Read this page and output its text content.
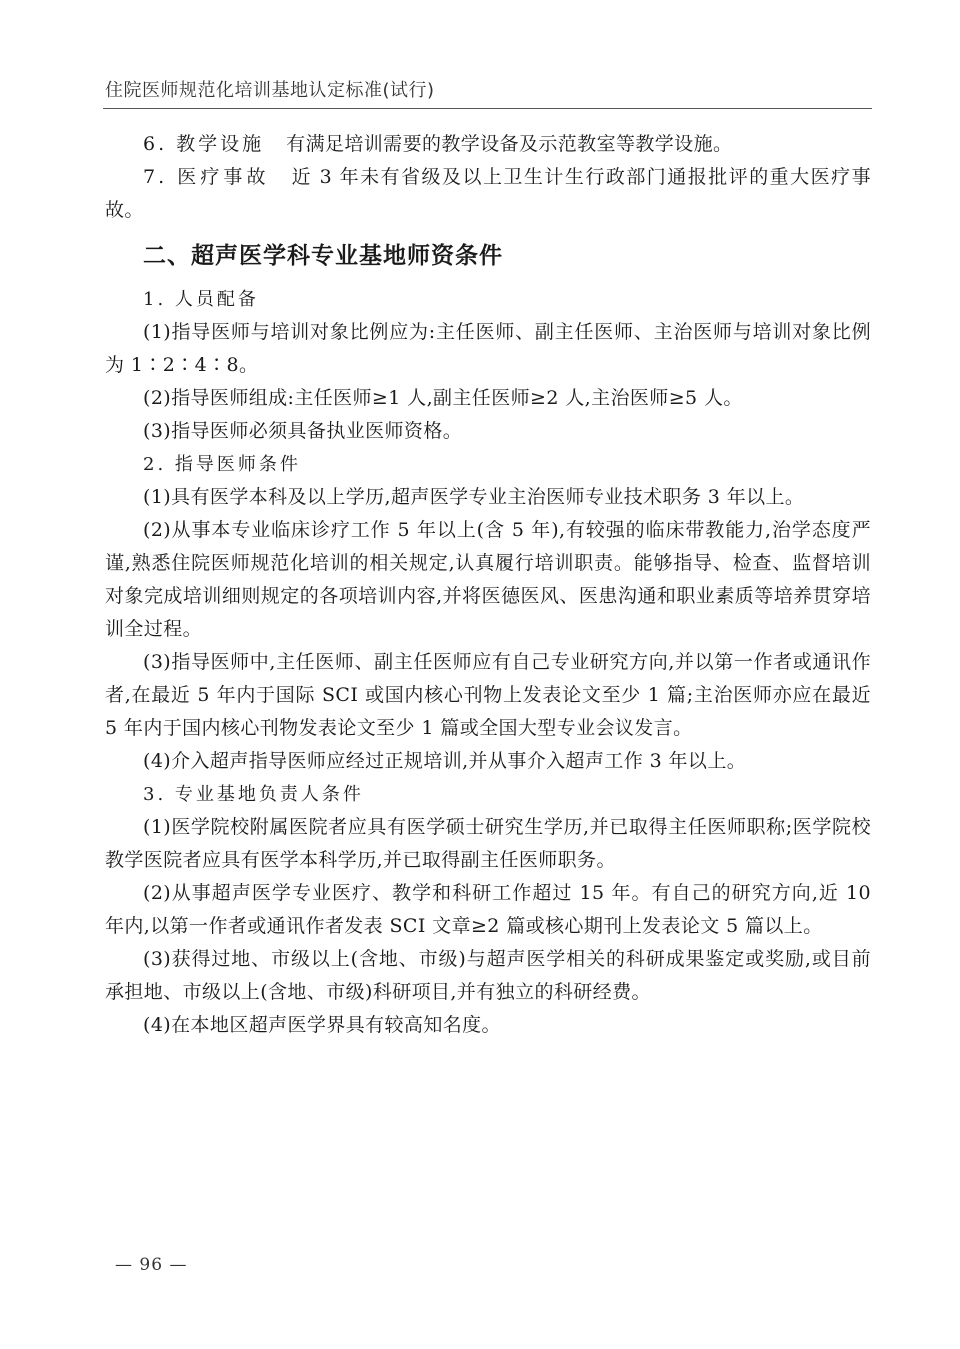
住院医师规范化培训基地认定标准(试行)

6. 教学设施 有满足培训需要的教学设备及示范教室等教学设施。

7. 医疗事故 近 3 年未有省级及以上卫生计生行政部门通报批评的重大医疗事故。

二、超声医学科专业基地师资条件

1. 人员配备

(1)指导医师与培训对象比例应为:主任医师、副主任医师、主治医师与培训对象比例为 1∶2∶4∶8。

(2)指导医师组成:主任医师≥1 人,副主任医师≥2 人,主治医师≥5 人。

(3)指导医师必须具备执业医师资格。

2. 指导医师条件

(1)具有医学本科及以上学历,超声医学专业主治医师专业技术职务 3 年以上。

(2)从事本专业临床诊疗工作 5 年以上(含 5 年),有较强的临床带教能力,治学态度严谨,熟悉住院医师规范化培训的相关规定,认真履行培训职责。能够指导、检查、监督培训对象完成培训细则规定的各项培训内容,并将医德医风、医患沟通和职业素质等培养贯穿培训全过程。

(3)指导医师中,主任医师、副主任医师应有自己专业研究方向,并以第一作者或通讯作者,在最近 5 年内于国际 SCI 或国内核心刊物上发表论文至少 1 篇;主治医师亦应在最近 5 年内于国内核心刊物发表论文至少 1 篇或全国大型专业会议发言。

(4)介入超声指导医师应经过正规培训,并从事介入超声工作 3 年以上。

3. 专业基地负责人条件

(1)医学院校附属医院者应具有医学硕士研究生学历,并已取得主任医师职称;医学院校教学医院者应具有医学本科学历,并已取得副主任医师职务。

(2)从事超声医学专业医疗、教学和科研工作超过 15 年。有自己的研究方向,近 10 年内,以第一作者或通讯作者发表 SCI 文章≥2 篇或核心期刊上发表论文 5 篇以上。

(3)获得过地、市级以上(含地、市级)与超声医学相关的科研成果鉴定或奖励,或目前承担地、市级以上(含地、市级)科研项目,并有独立的科研经费。

(4)在本地区超声医学界具有较高知名度。

— 96 —
